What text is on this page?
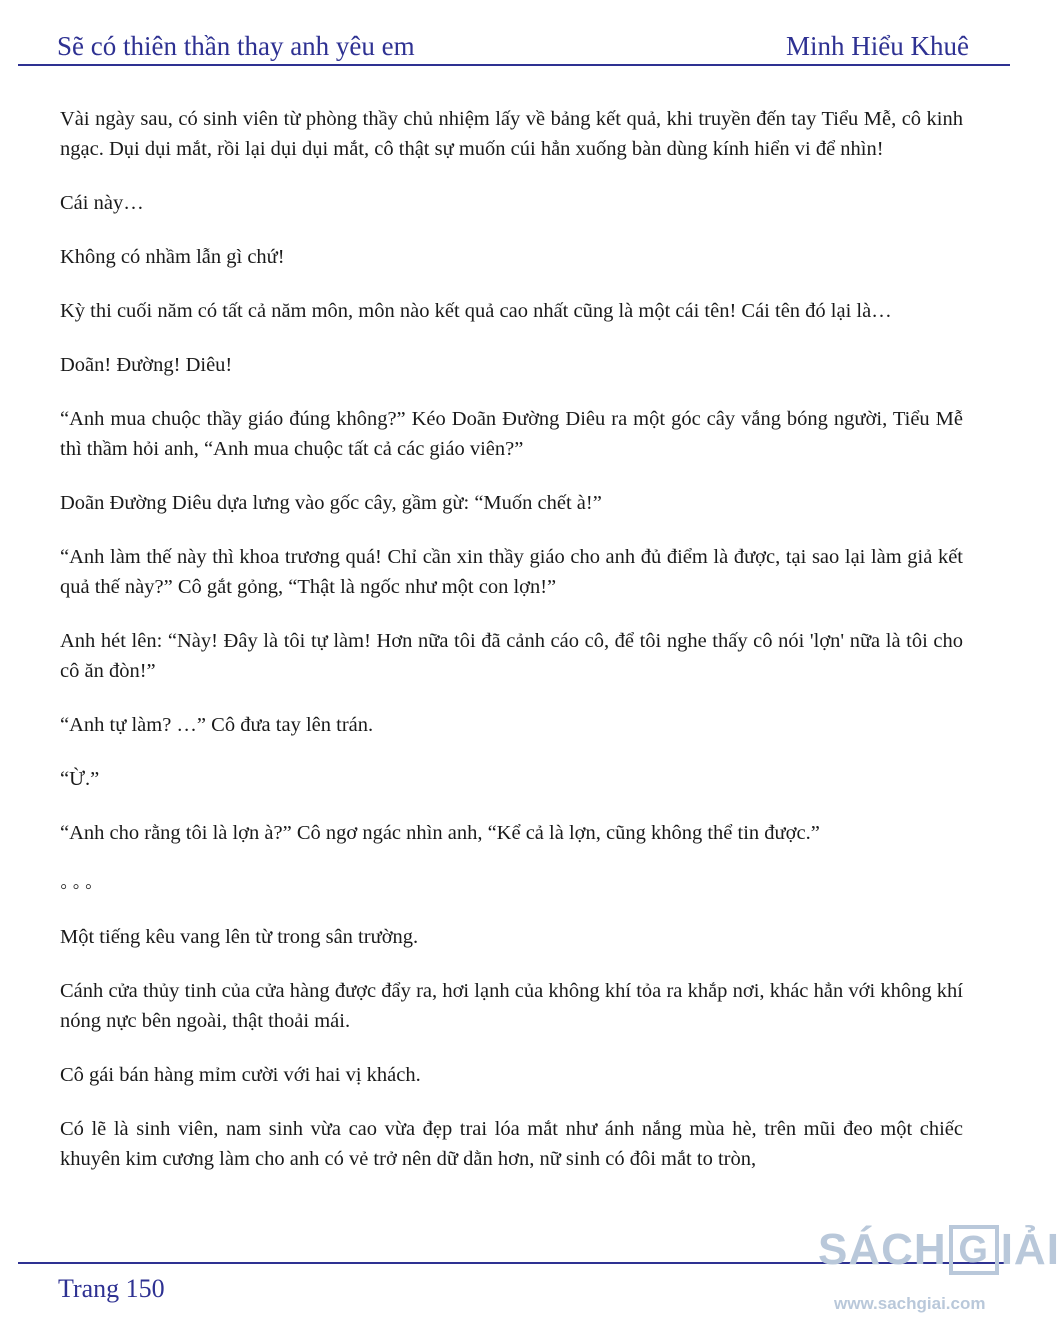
Sẽ có thiên thần thay anh yêu em	Minh Hiểu Khuê

Vài ngày sau, có sinh viên từ phòng thầy chủ nhiệm lấy về bảng kết quả, khi truyền đến tay Tiểu Mễ, cô kinh ngạc. Dụi dụi mắt, rồi lại dụi dụi mắt, cô thật sự muốn cúi hẳn xuống bàn dùng kính hiển vi để nhìn!

Cái này…

Không có nhầm lẫn gì chứ!

Kỳ thi cuối năm có tất cả năm môn, môn nào kết quả cao nhất cũng là một cái tên! Cái tên đó lại là…

Doãn! Đường! Diêu!

“Anh mua chuộc thầy giáo đúng không?” Kéo Doãn Đường Diêu ra một góc cây vắng bóng người, Tiểu Mễ thì thầm hỏi anh, “Anh mua chuộc tất cả các giáo viên?”

Doãn Đường Diêu dựa lưng vào gốc cây, gầm gừ: “Muốn chết à!”

“Anh làm thế này thì khoa trương quá! Chỉ cần xin thầy giáo cho anh đủ điểm là được, tại sao lại làm giả kết quả thế này?” Cô gắt gỏng, “Thật là ngốc như một con lợn!”

Anh hét lên: “Này! Đây là tôi tự làm! Hơn nữa tôi đã cảnh cáo cô, để tôi nghe thấy cô nói 'lợn' nữa là tôi cho cô ăn đòn!”

“Anh tự làm? …” Cô đưa tay lên trán.

“Ừ.”

“Anh cho rằng tôi là lợn à?” Cô ngơ ngác nhìn anh, “Kể cả là lợn, cũng không thể tin được.”

◦ ◦ ◦

Một tiếng kêu vang lên từ trong sân trường.

Cánh cửa thủy tinh của cửa hàng được đẩy ra, hơi lạnh của không khí tỏa ra khắp nơi, khác hẳn với không khí nóng nực bên ngoài, thật thoải mái.

Cô gái bán hàng mỉm cười với hai vị khách.

Có lẽ là sinh viên, nam sinh vừa cao vừa đẹp trai lóa mắt như ánh nắng mùa hè, trên mũi đeo một chiếc khuyên kim cương làm cho anh có vẻ trở nên dữ dằn hơn, nữ sinh có đôi mắt to tròn,

Trang 150
SÁCH G IẢI
www.sachgiai.com
